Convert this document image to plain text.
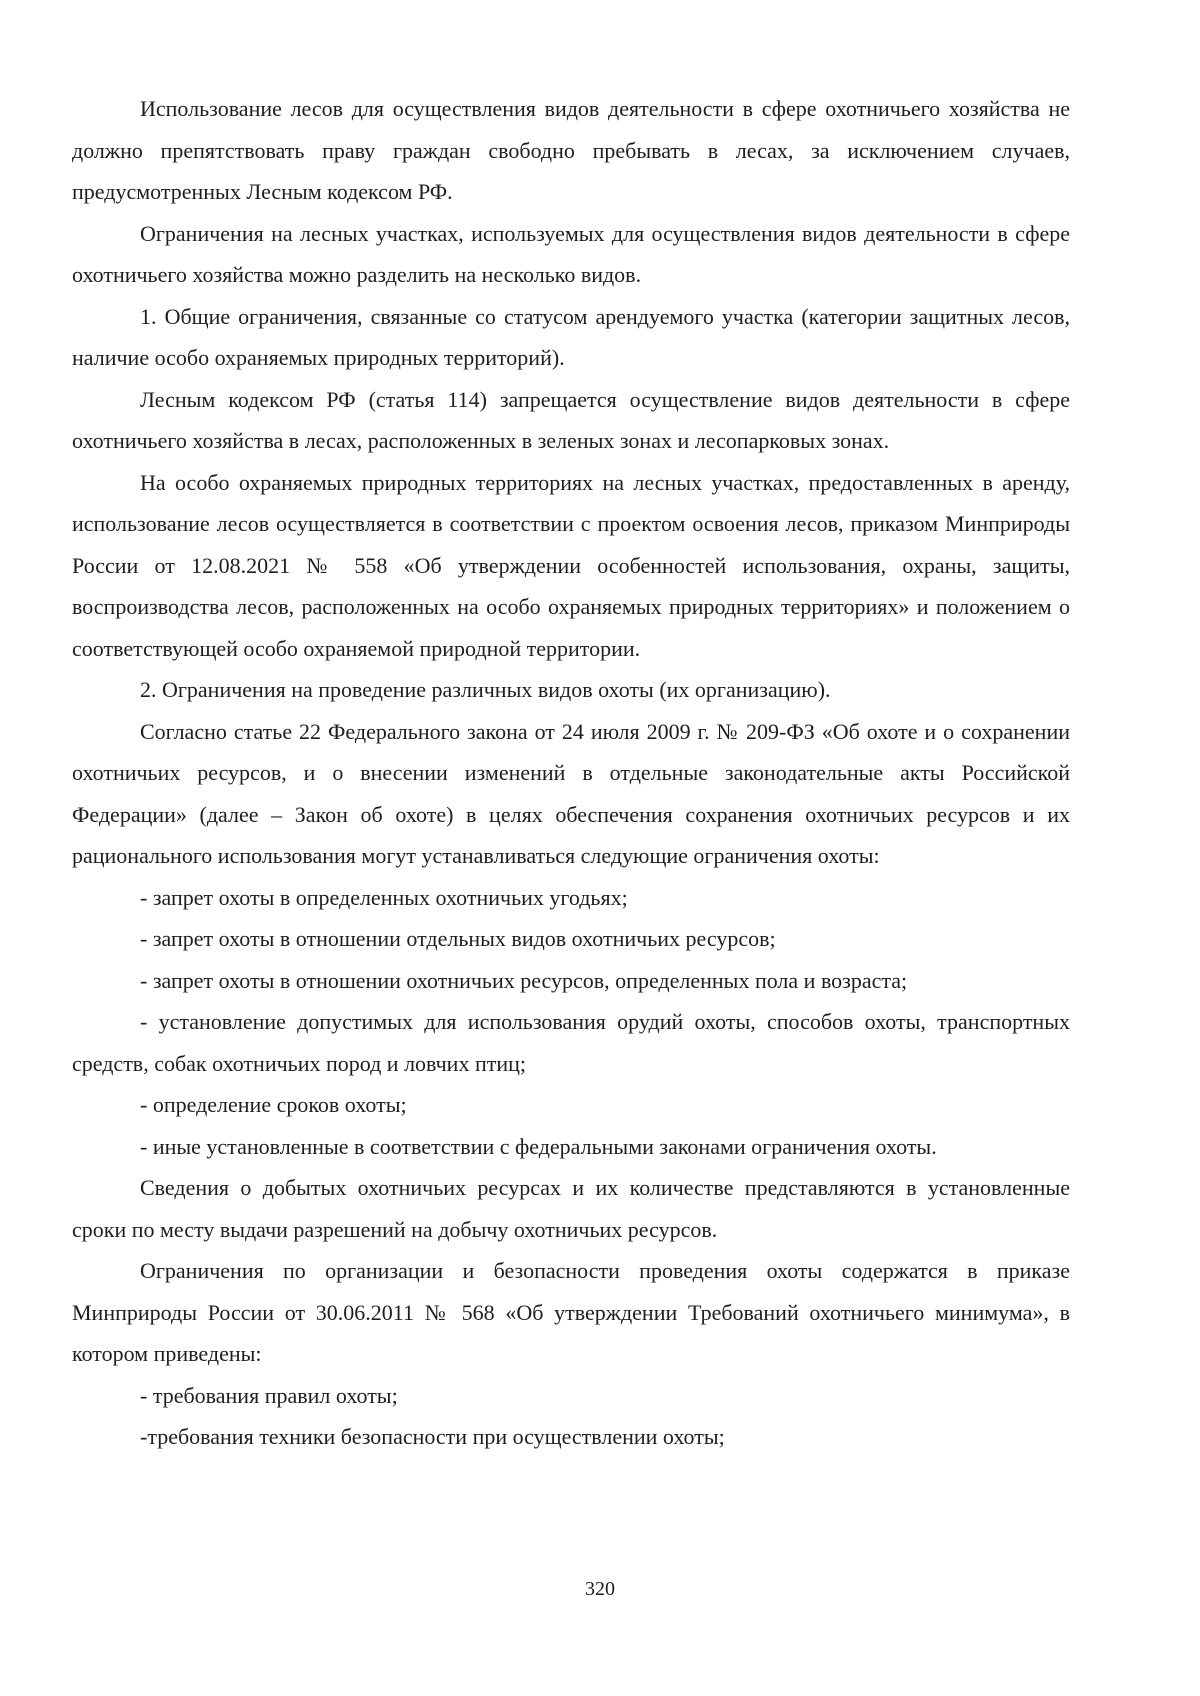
Использование лесов для осуществления видов деятельности в сфере охотничьего хозяйства не должно препятствовать праву граждан свободно пребывать в лесах, за исключением случаев, предусмотренных Лесным кодексом РФ.

Ограничения на лесных участках, используемых для осуществления видов деятельности в сфере охотничьего хозяйства можно разделить на несколько видов.

1. Общие ограничения, связанные со статусом арендуемого участка (категории защитных лесов, наличие особо охраняемых природных территорий).

Лесным кодексом РФ (статья 114) запрещается осуществление видов деятельности в сфере охотничьего хозяйства в лесах, расположенных в зеленых зонах и лесопарковых зонах.

На особо охраняемых природных территориях на лесных участках, предоставленных в аренду, использование лесов осуществляется в соответствии с проектом освоения лесов, приказом Минприроды России от 12.08.2021 № 558 «Об утверждении особенностей использования, охраны, защиты, воспроизводства лесов, расположенных на особо охраняемых природных территориях» и положением о соответствующей особо охраняемой природной территории.

2. Ограничения на проведение различных видов охоты (их организацию).

Согласно статье 22 Федерального закона от 24 июля 2009 г. № 209-ФЗ «Об охоте и о сохранении охотничьих ресурсов, и о внесении изменений в отдельные законодательные акты Российской Федерации» (далее – Закон об охоте) в целях обеспечения сохранения охотничьих ресурсов и их рационального использования могут устанавливаться следующие ограничения охоты:

- запрет охоты в определенных охотничьих угодьях;

- запрет охоты в отношении отдельных видов охотничьих ресурсов;

- запрет охоты в отношении охотничьих ресурсов, определенных пола и возраста;

- установление допустимых для использования орудий охоты, способов охоты, транспортных средств, собак охотничьих пород и ловчих птиц;

- определение сроков охоты;

- иные установленные в соответствии с федеральными законами ограничения охоты.

Сведения о добытых охотничьих ресурсах и их количестве представляются в установленные сроки по месту выдачи разрешений на добычу охотничьих ресурсов.

Ограничения по организации и безопасности проведения охоты содержатся в приказе Минприроды России от 30.06.2011 № 568 «Об утверждении Требований охотничьего минимума», в котором приведены:

- требования правил охоты;

-требования техники безопасности при осуществлении охоты;

320
